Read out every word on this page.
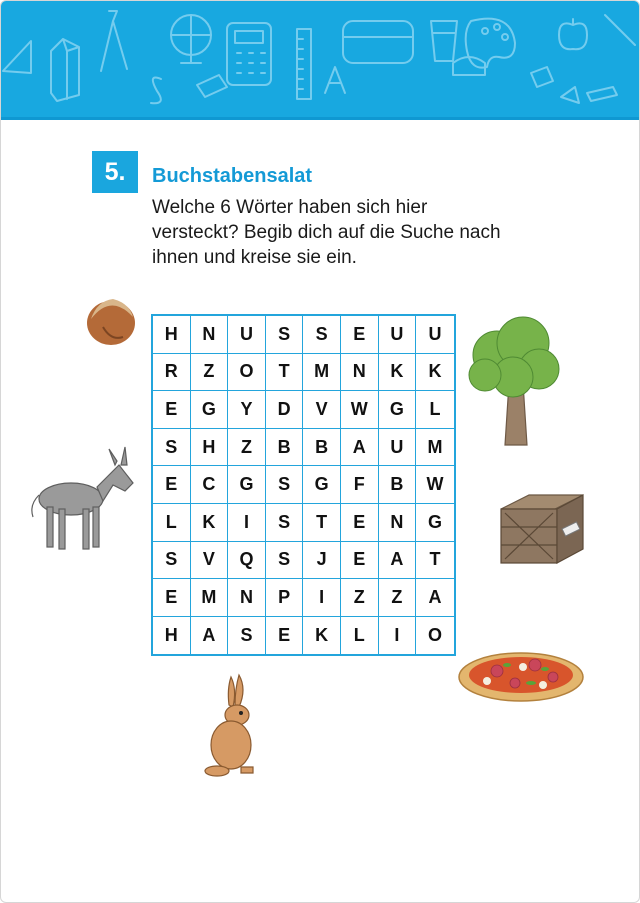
5.	Buchstabensalat

Welche 6 Wörter haben sich hier versteckt? Begib dich auf die Suche nach ihnen und kreise sie ein.

H	N	U	S	S	E	U	U
R	Z	O	T	M	N	K	K
E	G	Y	D	V	W	G	L
S	H	Z	B	B	A	U	M
E	C	G	S	G	F	B	W
L	K	I	S	T	E	N	G
S	V	Q	S	J	E	A	T
E	M	N	P	I	Z	Z	A
H	A	S	E	K	L	I	O
